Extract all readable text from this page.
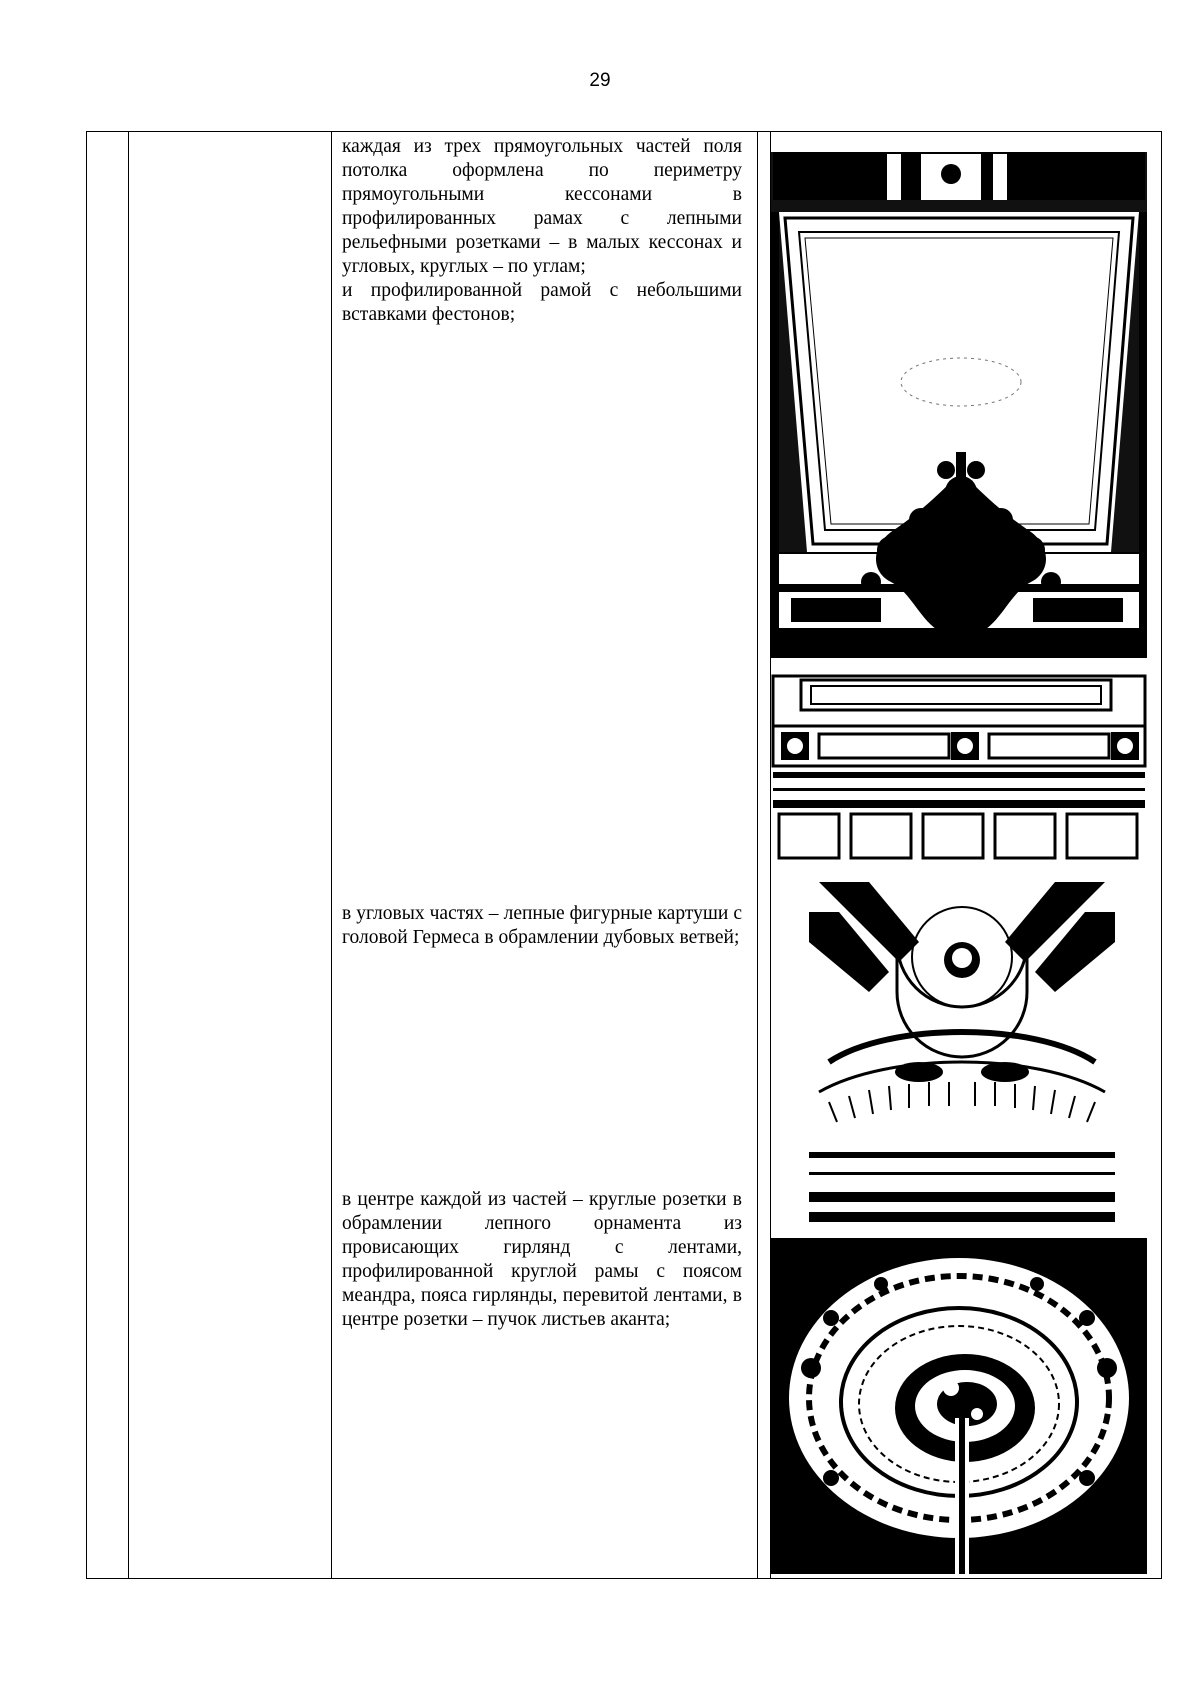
29
каждая из трех прямоугольных частей поля потолка оформлена по периметру прямоугольными кессонами в профилированных рамах с лепными рельефными розетками – в малых кессонах и угловых, круглых – по углам;
и профилированной рамой с небольшими вставками фестонов;
в угловых частях – лепные фигурные картуши с головой Гермеса в обрамлении дубовых ветвей;
в центре каждой из частей – круглые розетки в обрамлении лепного орнамента из провисающих гирлянд с лентами, профилированной круглой рамы с поясом меандра, пояса гирлянды, перевитой лентами, в центре розетки – пучок листьев аканта;
